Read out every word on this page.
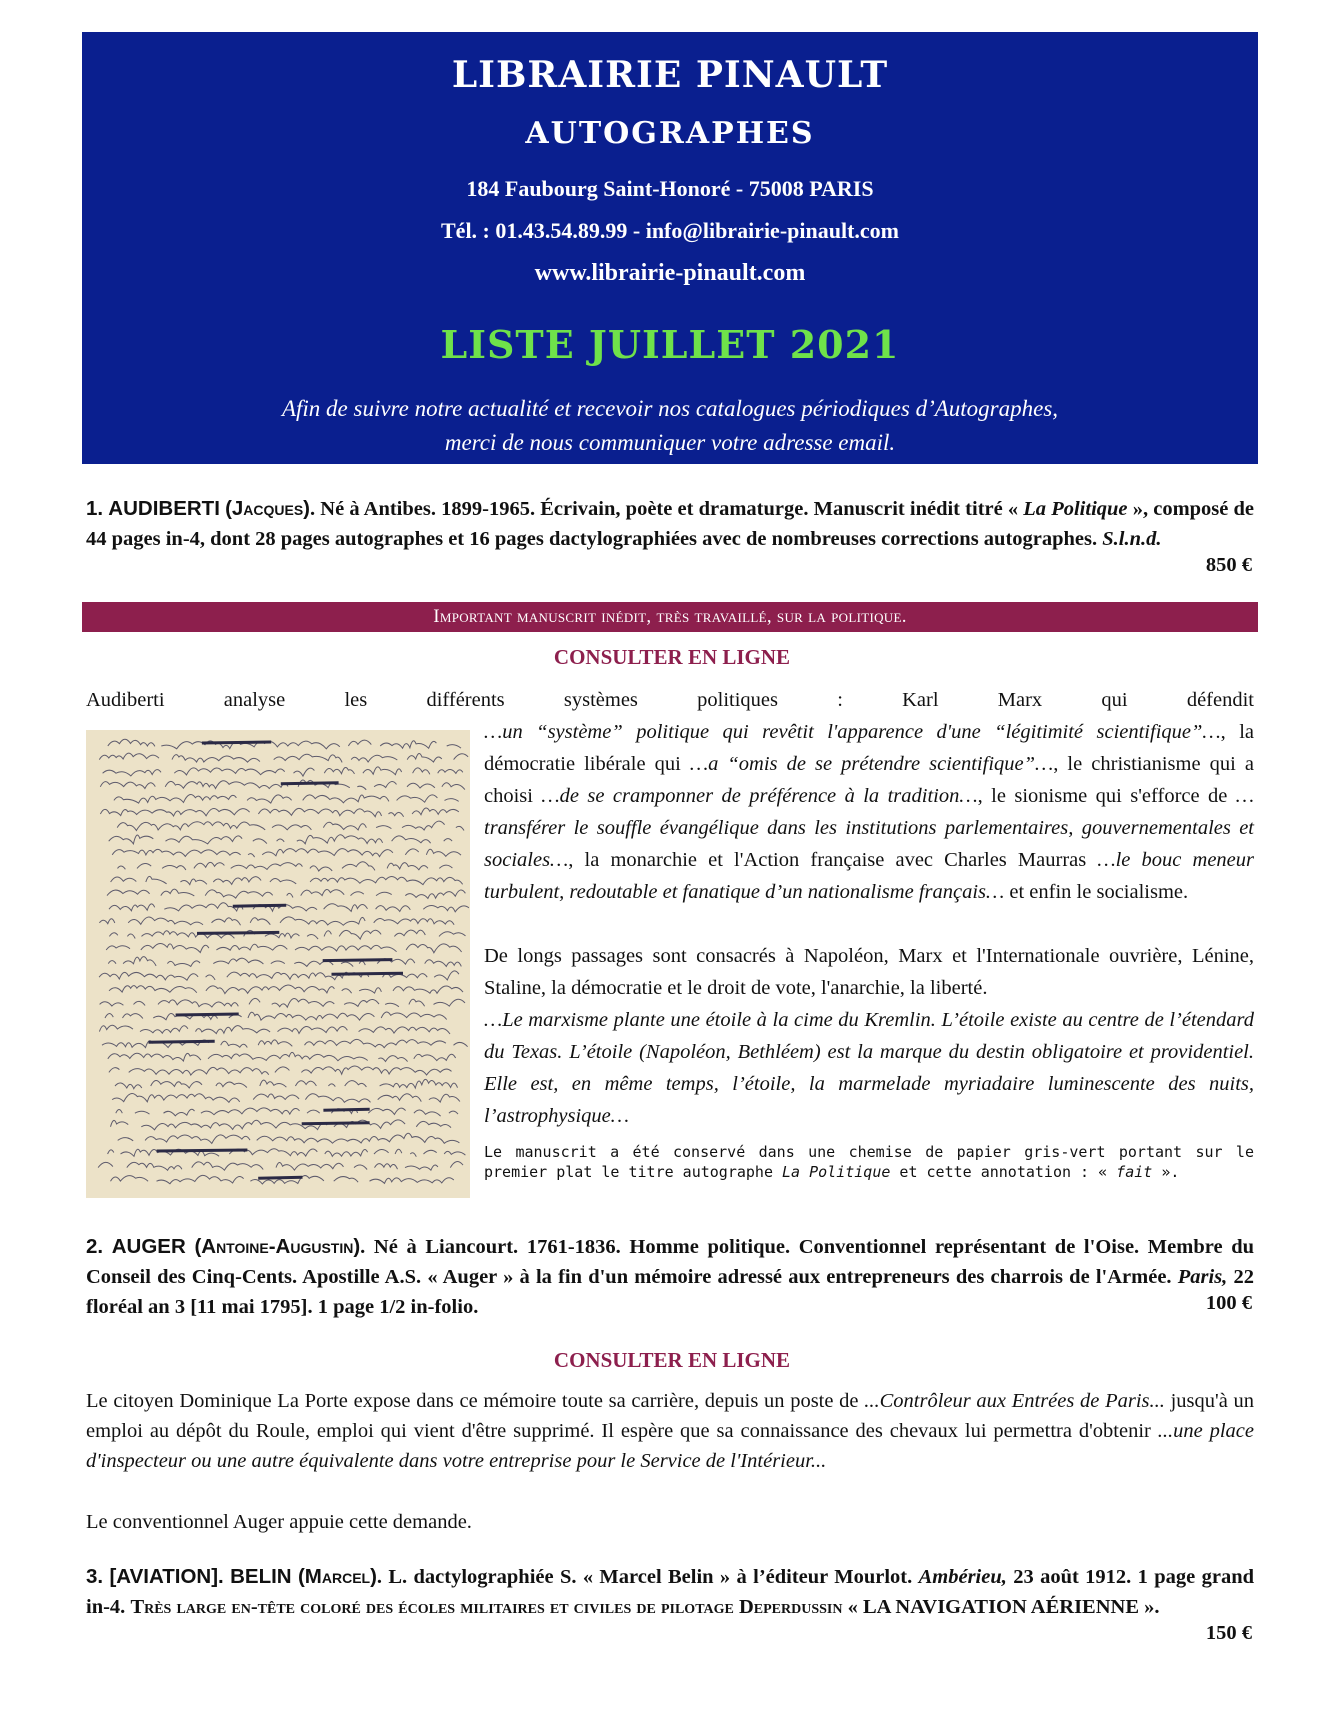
LIBRAIRIE PINAULT
AUTOGRAPHES
184 Faubourg Saint-Honoré - 75008 PARIS
Tél. : 01.43.54.89.99 - info@librairie-pinault.com
www.librairie-pinault.com
LISTE JUILLET 2021
Afin de suivre notre actualité et recevoir nos catalogues périodiques d’Autographes,
merci de nous communiquer votre adresse email.
1. AUDIBERTI (Jacques). Né à Antibes. 1899-1965. Écrivain, poète et dramaturge. Manuscrit inédit titré « La Politique », composé de 44 pages in-4, dont 28 pages autographes et 16 pages dactylographiées avec de nombreuses corrections autographes. S.l.n.d.
850 €
Important manuscrit inédit, très travaillé, sur la politique.
CONSULTER EN LIGNE
Audiberti analyse les différents systèmes politiques : Karl Marx qui défendit
…un “système” politique qui revêtit l'apparence d'une “légitimité scientifique”…, la démocratie libérale qui …a “omis de se prétendre scientifique”…, le christianisme qui a choisi …de se cramponner de préférence à la tradition…, le sionisme qui s'efforce de …transférer le souffle évangélique dans les institutions parlementaires, gouvernementales et sociales…, la monarchie et l'Action française avec Charles Maurras …le bouc meneur turbulent, redoutable et fanatique d’un nationalisme français… et enfin le socialisme.
De longs passages sont consacrés à Napoléon, Marx et l'Internationale ouvrière, Lénine, Staline, la démocratie et le droit de vote, l'anarchie, la liberté.
…Le marxisme plante une étoile à la cime du Kremlin. L’étoile existe au centre de l’étendard du Texas. L’étoile (Napoléon, Bethléem) est la marque du destin obligatoire et providentiel. Elle est, en même temps, l’étoile, la marmelade myriadaire luminescente des nuits, l’astrophysique…
Le manuscrit a été conservé dans une chemise de papier gris-vert portant sur le premier plat le titre autographe La Politique et cette annotation : « fait ».
2. AUGER (Antoine-Augustin). Né à Liancourt. 1761-1836. Homme politique. Conventionnel représentant de l'Oise. Membre du Conseil des Cinq-Cents. Apostille A.S. « Auger » à la fin d'un mémoire adressé aux entrepreneurs des charrois de l'Armée. Paris, 22 floréal an 3 [11 mai 1795]. 1 page 1/2 in-folio.	100 €
CONSULTER EN LIGNE
Le citoyen Dominique La Porte expose dans ce mémoire toute sa carrière, depuis un poste de ...Contrôleur aux Entrées de Paris... jusqu'à un emploi au dépôt du Roule, emploi qui vient d'être supprimé. Il espère que sa connaissance des chevaux lui permettra d'obtenir ...une place d'inspecteur ou une autre équivalente dans votre entreprise pour le Service de l'Intérieur...
Le conventionnel Auger appuie cette demande.
3. [AVIATION]. BELIN (Marcel). L. dactylographiée S. « Marcel Belin » à l’éditeur Mourlot. Ambérieu, 23 août 1912. 1 page grand in-4. Très large en-tête coloré des écoles militaires et civiles de pilotage Deperdussin « LA NAVIGATION AÉRIENNE ».
150 €
